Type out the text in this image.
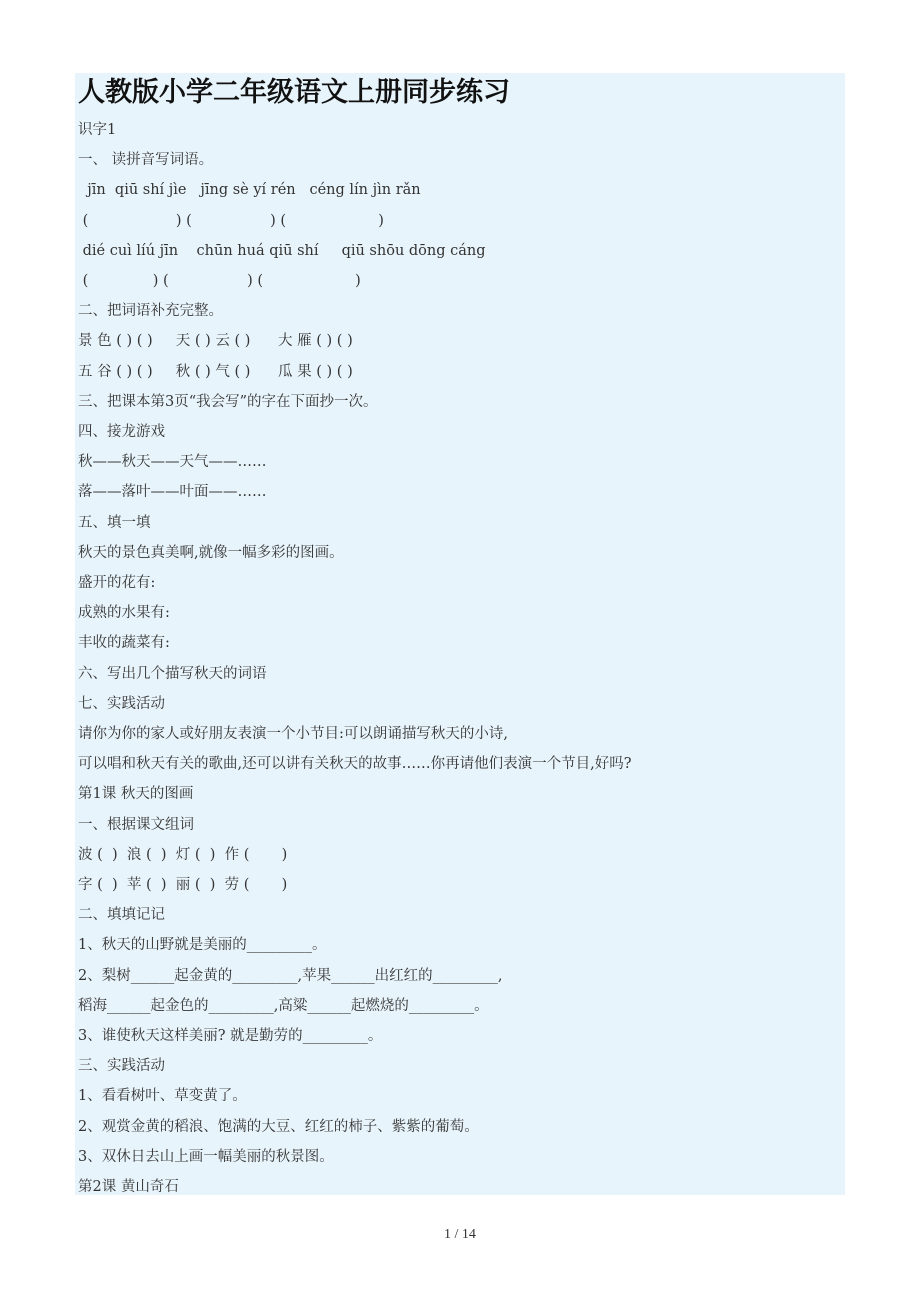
人教版小学二年级语文上册同步练习
识字1
一、 读拼音写词语。
jīn  qiū shí jìe   jīng sè yí rén   céng lín jìn rǎn
(                   ) (                 ) (                    )
dié cuì líú jīn    chūn huá qiū shí     qiū shōu dōng cáng
(              ) (                 ) (                    )
二、把词语补充完整。
景 色 ( ) ( )     天 ( ) 云 ( )      大 雁 ( ) ( )
五 谷 ( ) ( )     秋 ( ) 气 ( )      瓜 果 ( ) ( )
三、把课本第3页“我会写”的字在下面抄一次。
四、接龙游戏
秋——秋天——天气——……
落——落叶——叶面——……
五、填一填
秋天的景色真美啊,就像一幅多彩的图画。
盛开的花有:
成熟的水果有:
丰收的蔬菜有:
六、写出几个描写秋天的词语
七、实践活动
请你为你的家人或好朋友表演一个小节目:可以朗诵描写秋天的小诗,
可以唱和秋天有关的歌曲,还可以讲有关秋天的故事……你再请他们表演一个节目,好吗?
第1课 秋天的图画
一、根据课文组词
波 (  )  浪 (  )  灯 (  )  作 (       )
字 (  )  苹 (  )  丽 (  )  劳 (       )
二、填填记记
1、秋天的山野就是美丽的_________。
2、梨树______起金黄的_________,苹果______出红红的_________,
稻海______起金色的_________,高粱______起燃烧的_________。
3、谁使秋天这样美丽? 就是勤劳的_________。
三、实践活动
1、看看树叶、草变黄了。
2、观赏金黄的稻浪、饱满的大豆、红红的柿子、紫紫的葡萄。
3、双休日去山上画一幅美丽的秋景图。
第2课 黄山奇石
1 / 14
